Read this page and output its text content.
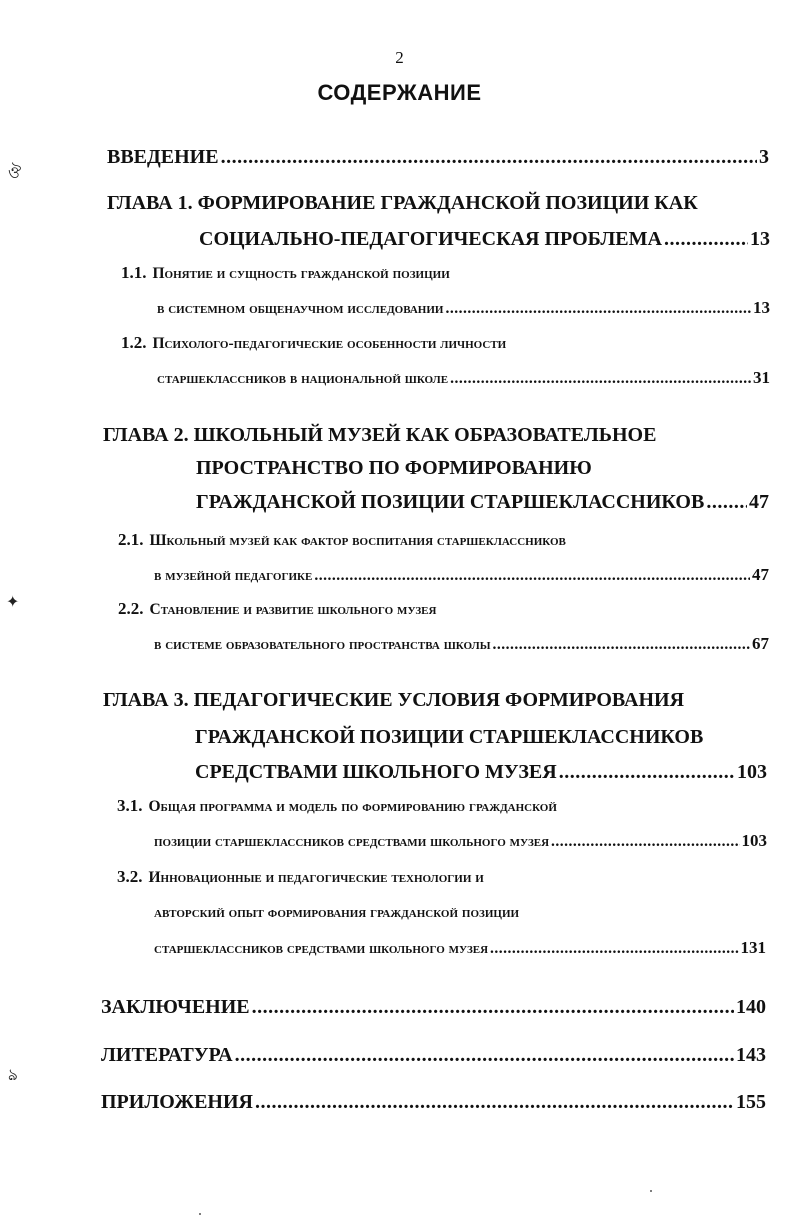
ঔ
✦
ঌ
2
СОДЕРЖАНИЕ
ВВЕДЕНИЕ .....	3
ГЛАВА 1. ФОРМИРОВАНИЕ ГРАЖДАНСКОЙ ПОЗИЦИИ КАК
СОЦИАЛЬНО-ПЕДАГОГИЧЕСКАЯ ПРОБЛЕМА .....	13
1.1. Понятие и сущность гражданской позиции
в системном общенаучном исследовании .....	13
1.2. Психолого-педагогические особенности личности
старшеклассников в национальной школе .....	31
ГЛАВА 2. ШКОЛЬНЫЙ МУЗЕЙ КАК ОБРАЗОВАТЕЛЬНОЕ
ПРОСТРАНСТВО ПО ФОРМИРОВАНИЮ
ГРАЖДАНСКОЙ ПОЗИЦИИ СТАРШЕКЛАССНИКОВ ..... 47
2.1. Школьный музей как фактор воспитания старшеклассников
в музейной педагогике .....	47
2.2. Становление и развитие школьного музея
в системе образовательного пространства школы .....	67
ГЛАВА 3. ПЕДАГОГИЧЕСКИЕ УСЛОВИЯ ФОРМИРОВАНИЯ
ГРАЖДАНСКОЙ ПОЗИЦИИ СТАРШЕКЛАССНИКОВ
СРЕДСТВАМИ ШКОЛЬНОГО МУЗЕЯ .....	103
3.1. Общая программа и модель по формированию гражданской
позиции старшеклассников средствами школьного музея .....	103
3.2. Инновационные и педагогические технологии и
авторский опыт формирования гражданской позиции
старшеклассников средствами школьного музея .....	131
ЗАКЛЮЧЕНИЕ .....	140
ЛИТЕРАТУРА .....	143
ПРИЛОЖЕНИЯ .....	155
